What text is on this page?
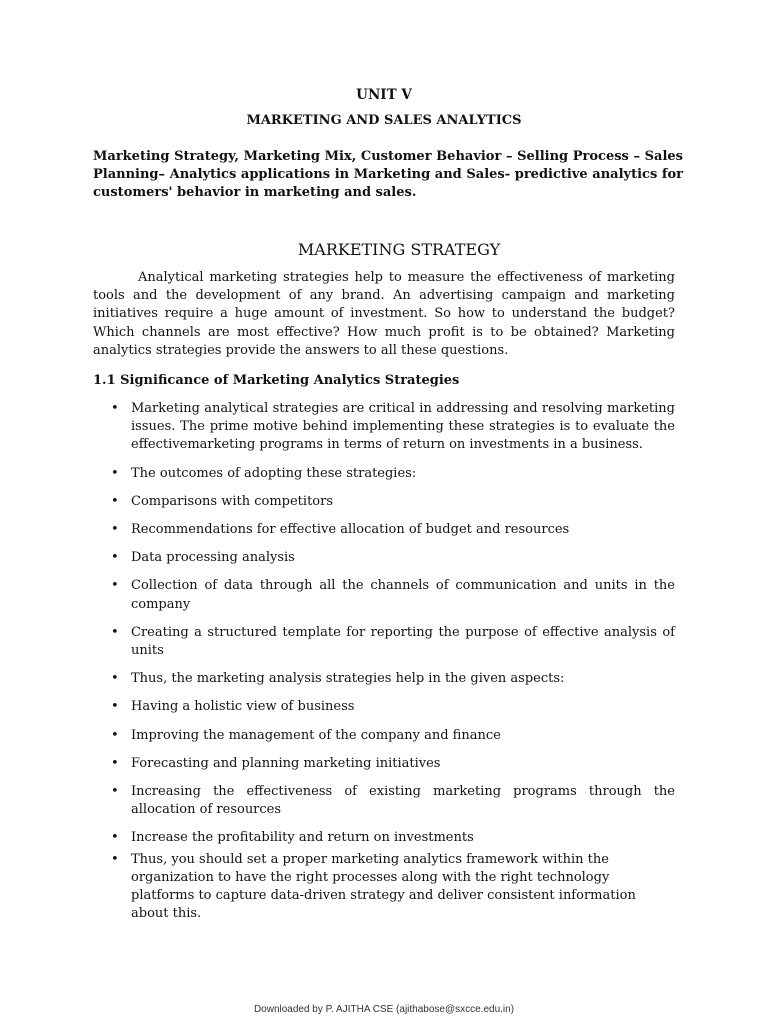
UNIT V
MARKETING AND SALES ANALYTICS
Marketing Strategy, Marketing Mix, Customer Behavior – Selling Process – Sales Planning– Analytics applications in Marketing and Sales- predictive analytics for customers' behavior in marketing and sales.
MARKETING STRATEGY
Analytical marketing strategies help to measure the effectiveness of marketing tools and the development of any brand. An advertising campaign and marketing initiatives require a huge amount of investment. So how to understand the budget? Which channels are most effective? How much profit is to be obtained? Marketing analytics strategies provide the answers to all these questions.
1.1 Significance of Marketing Analytics Strategies
• Marketing analytical strategies are critical in addressing and resolving marketing issues. The prime motive behind implementing these strategies is to evaluate the effectivemarketing programs in terms of return on investments in a business.
• The outcomes of adopting these strategies:
• Comparisons with competitors
• Recommendations for effective allocation of budget and resources
• Data processing analysis
• Collection of data through all the channels of communication and units in the company
• Creating a structured template for reporting the purpose of effective analysis of units
• Thus, the marketing analysis strategies help in the given aspects:
• Having a holistic view of business
• Improving the management of the company and finance
• Forecasting and planning marketing initiatives
• Increasing the effectiveness of existing marketing programs through the allocation of resources
• Increase the profitability and return on investments
• Thus, you should set a proper marketing analytics framework within the organization to have the right processes along with the right technology platforms to capture data-driven strategy and deliver consistent information about this.
Downloaded by P. AJITHA CSE (ajithabose@sxcce.edu.in)
